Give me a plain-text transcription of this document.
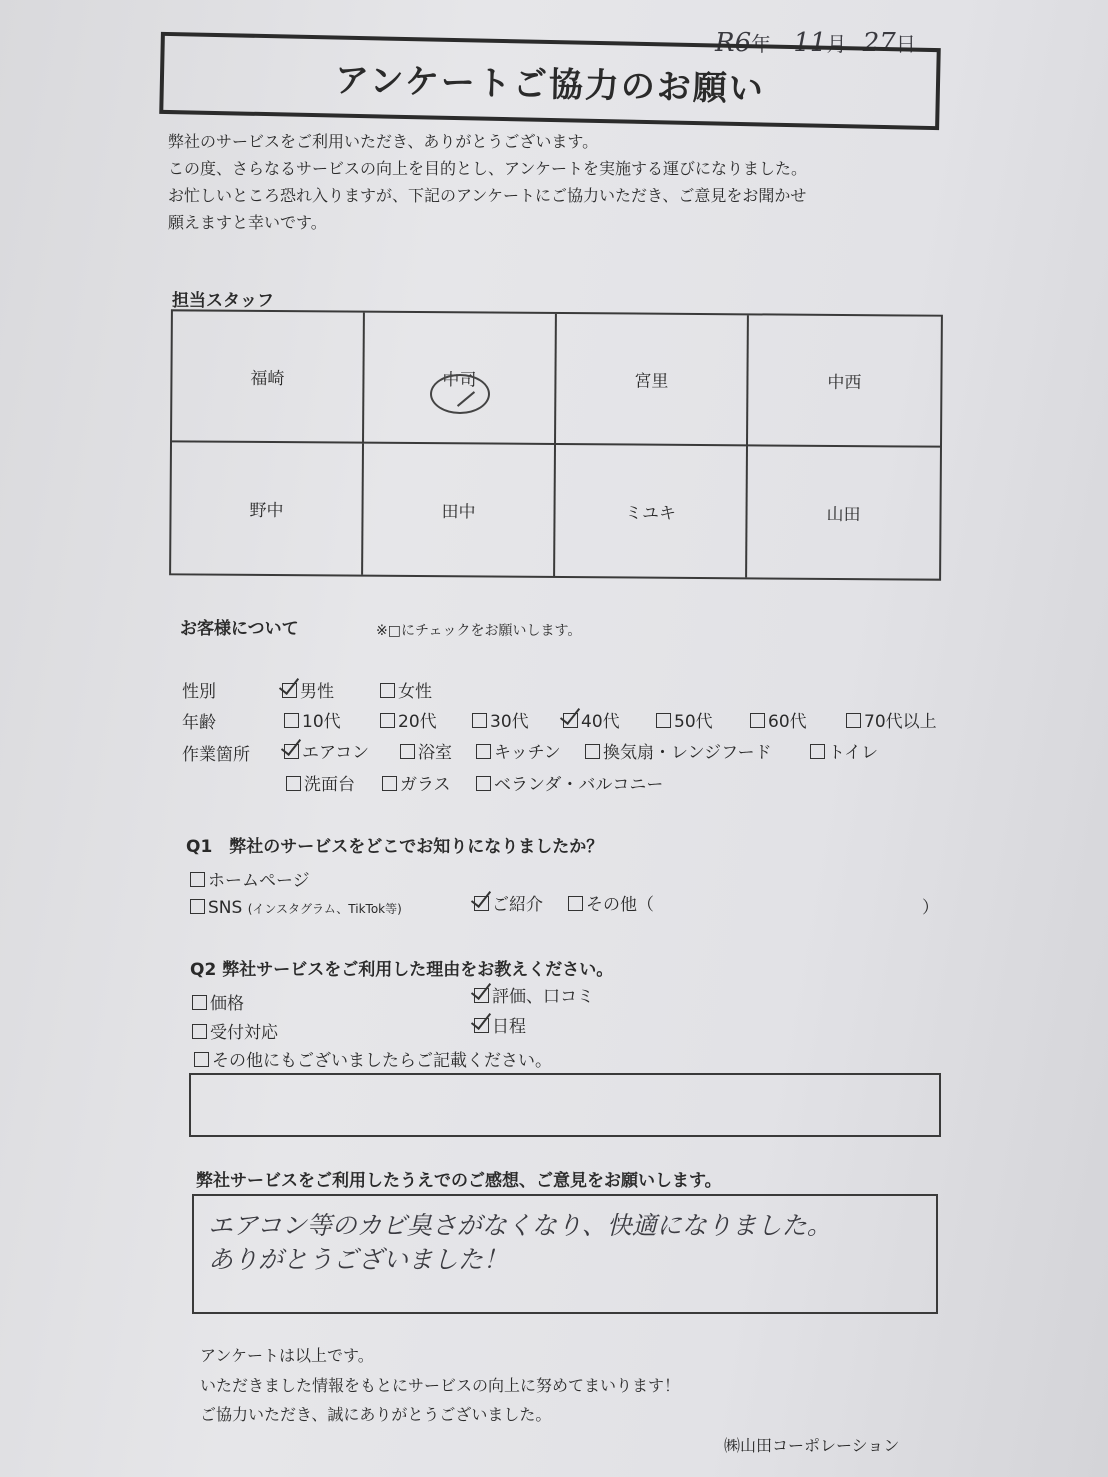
R6年 11月 27日
アンケートご協力のお願い
弊社のサービスをご利用いただき、ありがとうございます。
この度、さらなるサービスの向上を目的とし、アンケートを実施する運びになりました。
お忙しいところ恐れ入りますが、下記のアンケートにご協力いただき、ご意見をお聞かせ
願えますと幸いです。
担当スタッフ
福崎	中司	宮里	中西
野中	田中	ミユキ	山田
お客様について	※□にチェックをお願いします。
性別	男性	女性
年齢	10代	20代	30代	40代	50代	60代	70代以上
作業箇所	エアコン	浴室	キッチン	換気扇・レンジフード	トイレ
洗面台	ガラス	ベランダ・バルコニー
Q1　弊社のサービスをどこでお知りになりましたか？
ホームページ
SNS (インスタグラム、TikTok等)	ご紹介	その他（	）
Q2 弊社サービスをご利用した理由をお教えください。
価格
受付対応
評価、口コミ
日程
その他にもございましたらご記載ください。
弊社サービスをご利用したうえでのご感想、ご意見をお願いします。
エアコン等のカビ臭さがなくなり、快適になりました。
ありがとうございました！
アンケートは以上です。
いただきました情報をもとにサービスの向上に努めてまいります！
ご協力いただき、誠にありがとうございました。
㈱山田コーポレーション
